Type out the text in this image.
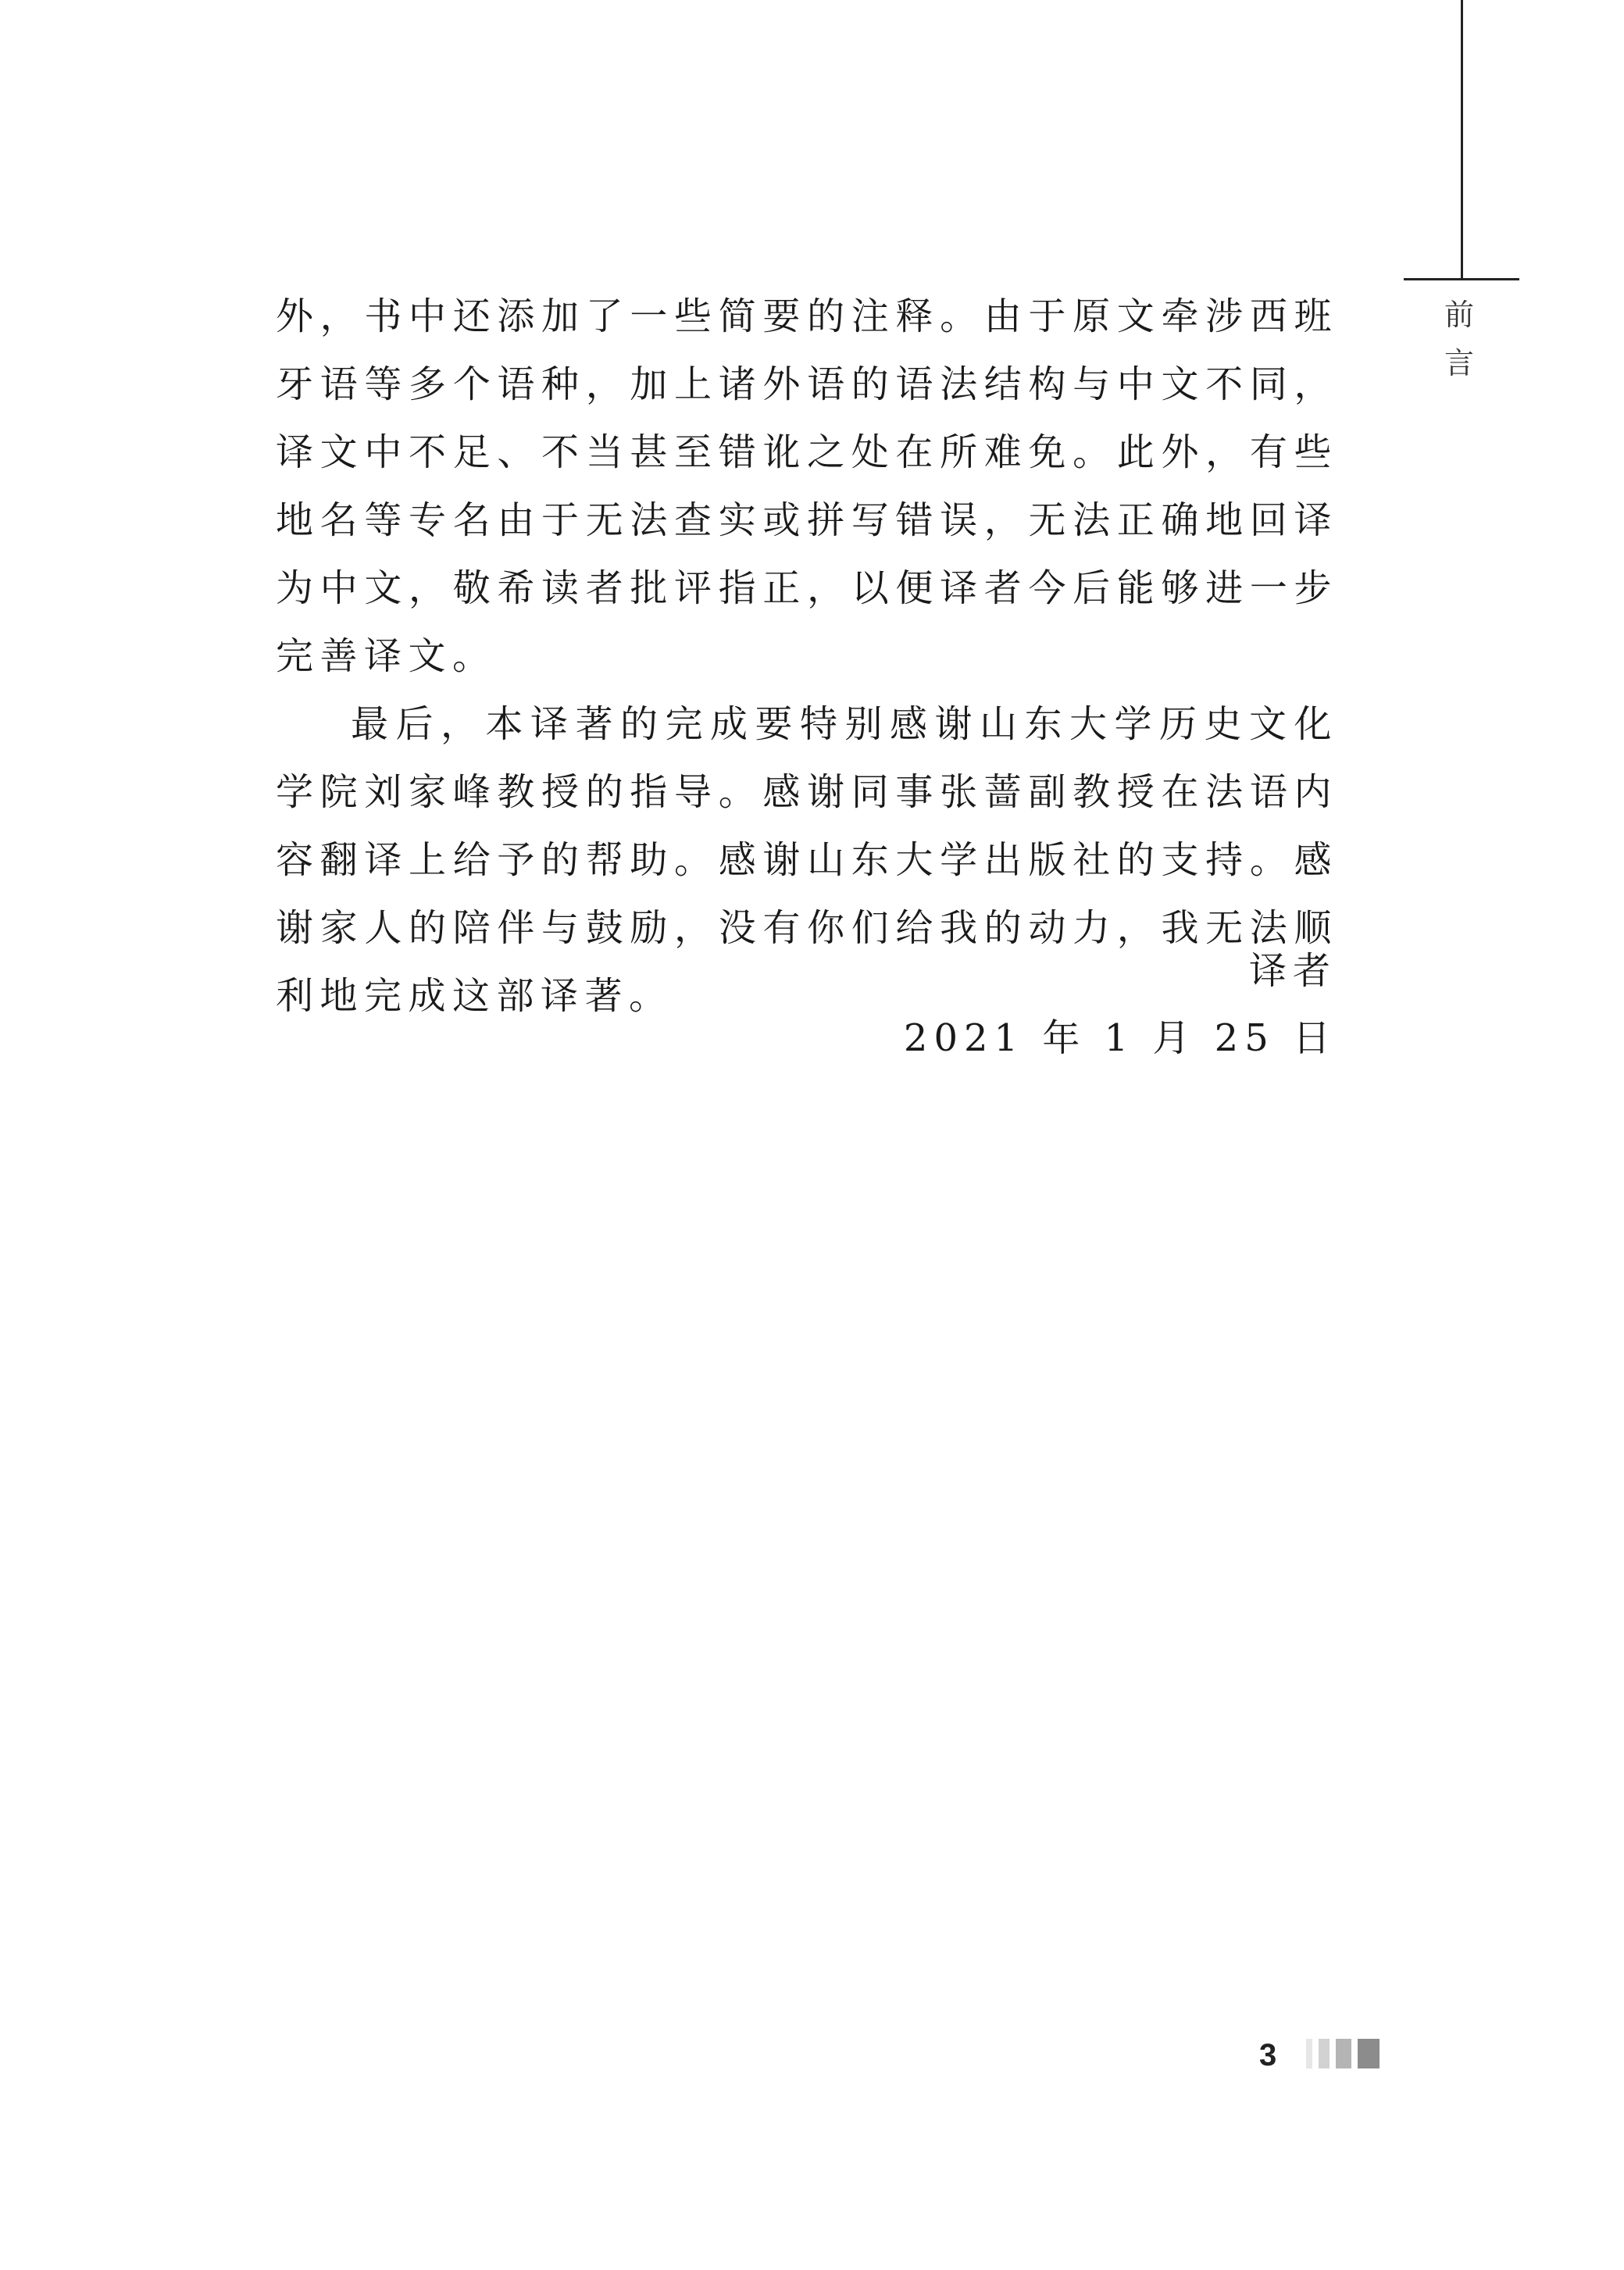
前
言

外，书中还添加了一些简要的注释。由于原文牵涉西班牙语等多个语种，加上诸外语的语法结构与中文不同，译文中不足、不当甚至错讹之处在所难免。此外，有些地名等专名由于无法查实或拼写错误，无法正确地回译为中文，敬希读者批评指正，以便译者今后能够进一步完善译文。

最后，本译著的完成要特别感谢山东大学历史文化学院刘家峰教授的指导。感谢同事张蔷副教授在法语内容翻译上给予的帮助。感谢山东大学出版社的支持。感谢家人的陪伴与鼓励，没有你们给我的动力，我无法顺利地完成这部译著。

译者
2021 年 1 月 25 日
3
